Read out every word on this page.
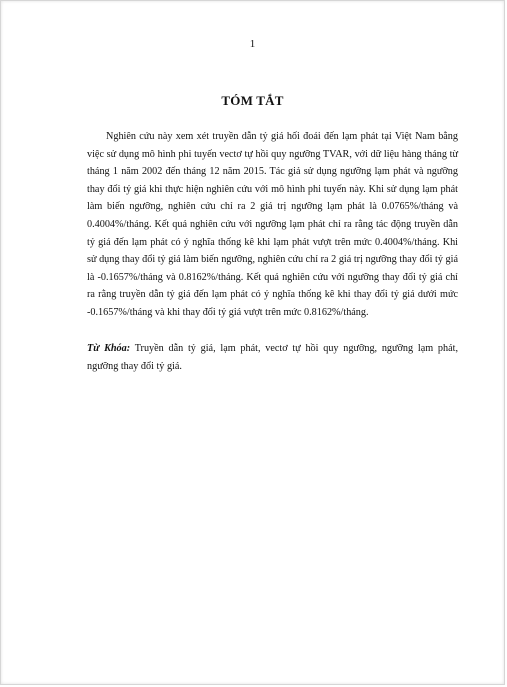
1
TÓM TẮT

Nghiên cứu này xem xét truyền dẫn tỷ giá hối đoái đến lạm phát tại Việt Nam bằng việc sử dụng mô hình phi tuyến vectơ tự hồi quy ngưỡng TVAR, với dữ liệu hàng tháng từ tháng 1 năm 2002 đến tháng 12 năm 2015. Tác giả sử dụng ngưỡng lạm phát và ngưỡng thay đổi tỷ giá khi thực hiện nghiên cứu với mô hình phi tuyến này. Khi sử dụng lạm phát làm biến ngưỡng, nghiên cứu chỉ ra 2 giá trị ngưỡng lạm phát là 0.0765%/tháng và 0.4004%/tháng. Kết quả nghiên cứu với ngưỡng lạm phát chỉ ra rằng tác động truyền dẫn tỷ giá đến lạm phát có ý nghĩa thống kê khi lạm phát vượt trên mức 0.4004%/tháng. Khi sử dụng thay đổi tỷ giá làm biến ngưỡng, nghiên cứu chỉ ra 2 giá trị ngưỡng thay đổi tỷ giá là -0.1657%/tháng và 0.8162%/tháng. Kết quả nghiên cứu với ngưỡng thay đổi tỷ giá chỉ ra rằng truyền dẫn tỷ giá đến lạm phát có ý nghĩa thống kê khi thay đổi tỷ giá dưới mức -0.1657%/tháng và khi thay đổi tỷ giá vượt trên mức 0.8162%/tháng.

Từ Khóa: Truyền dẫn tỷ giá, lạm phát, vectơ tự hồi quy ngưỡng, ngưỡng lạm phát, ngưỡng thay đổi tỷ giá.
